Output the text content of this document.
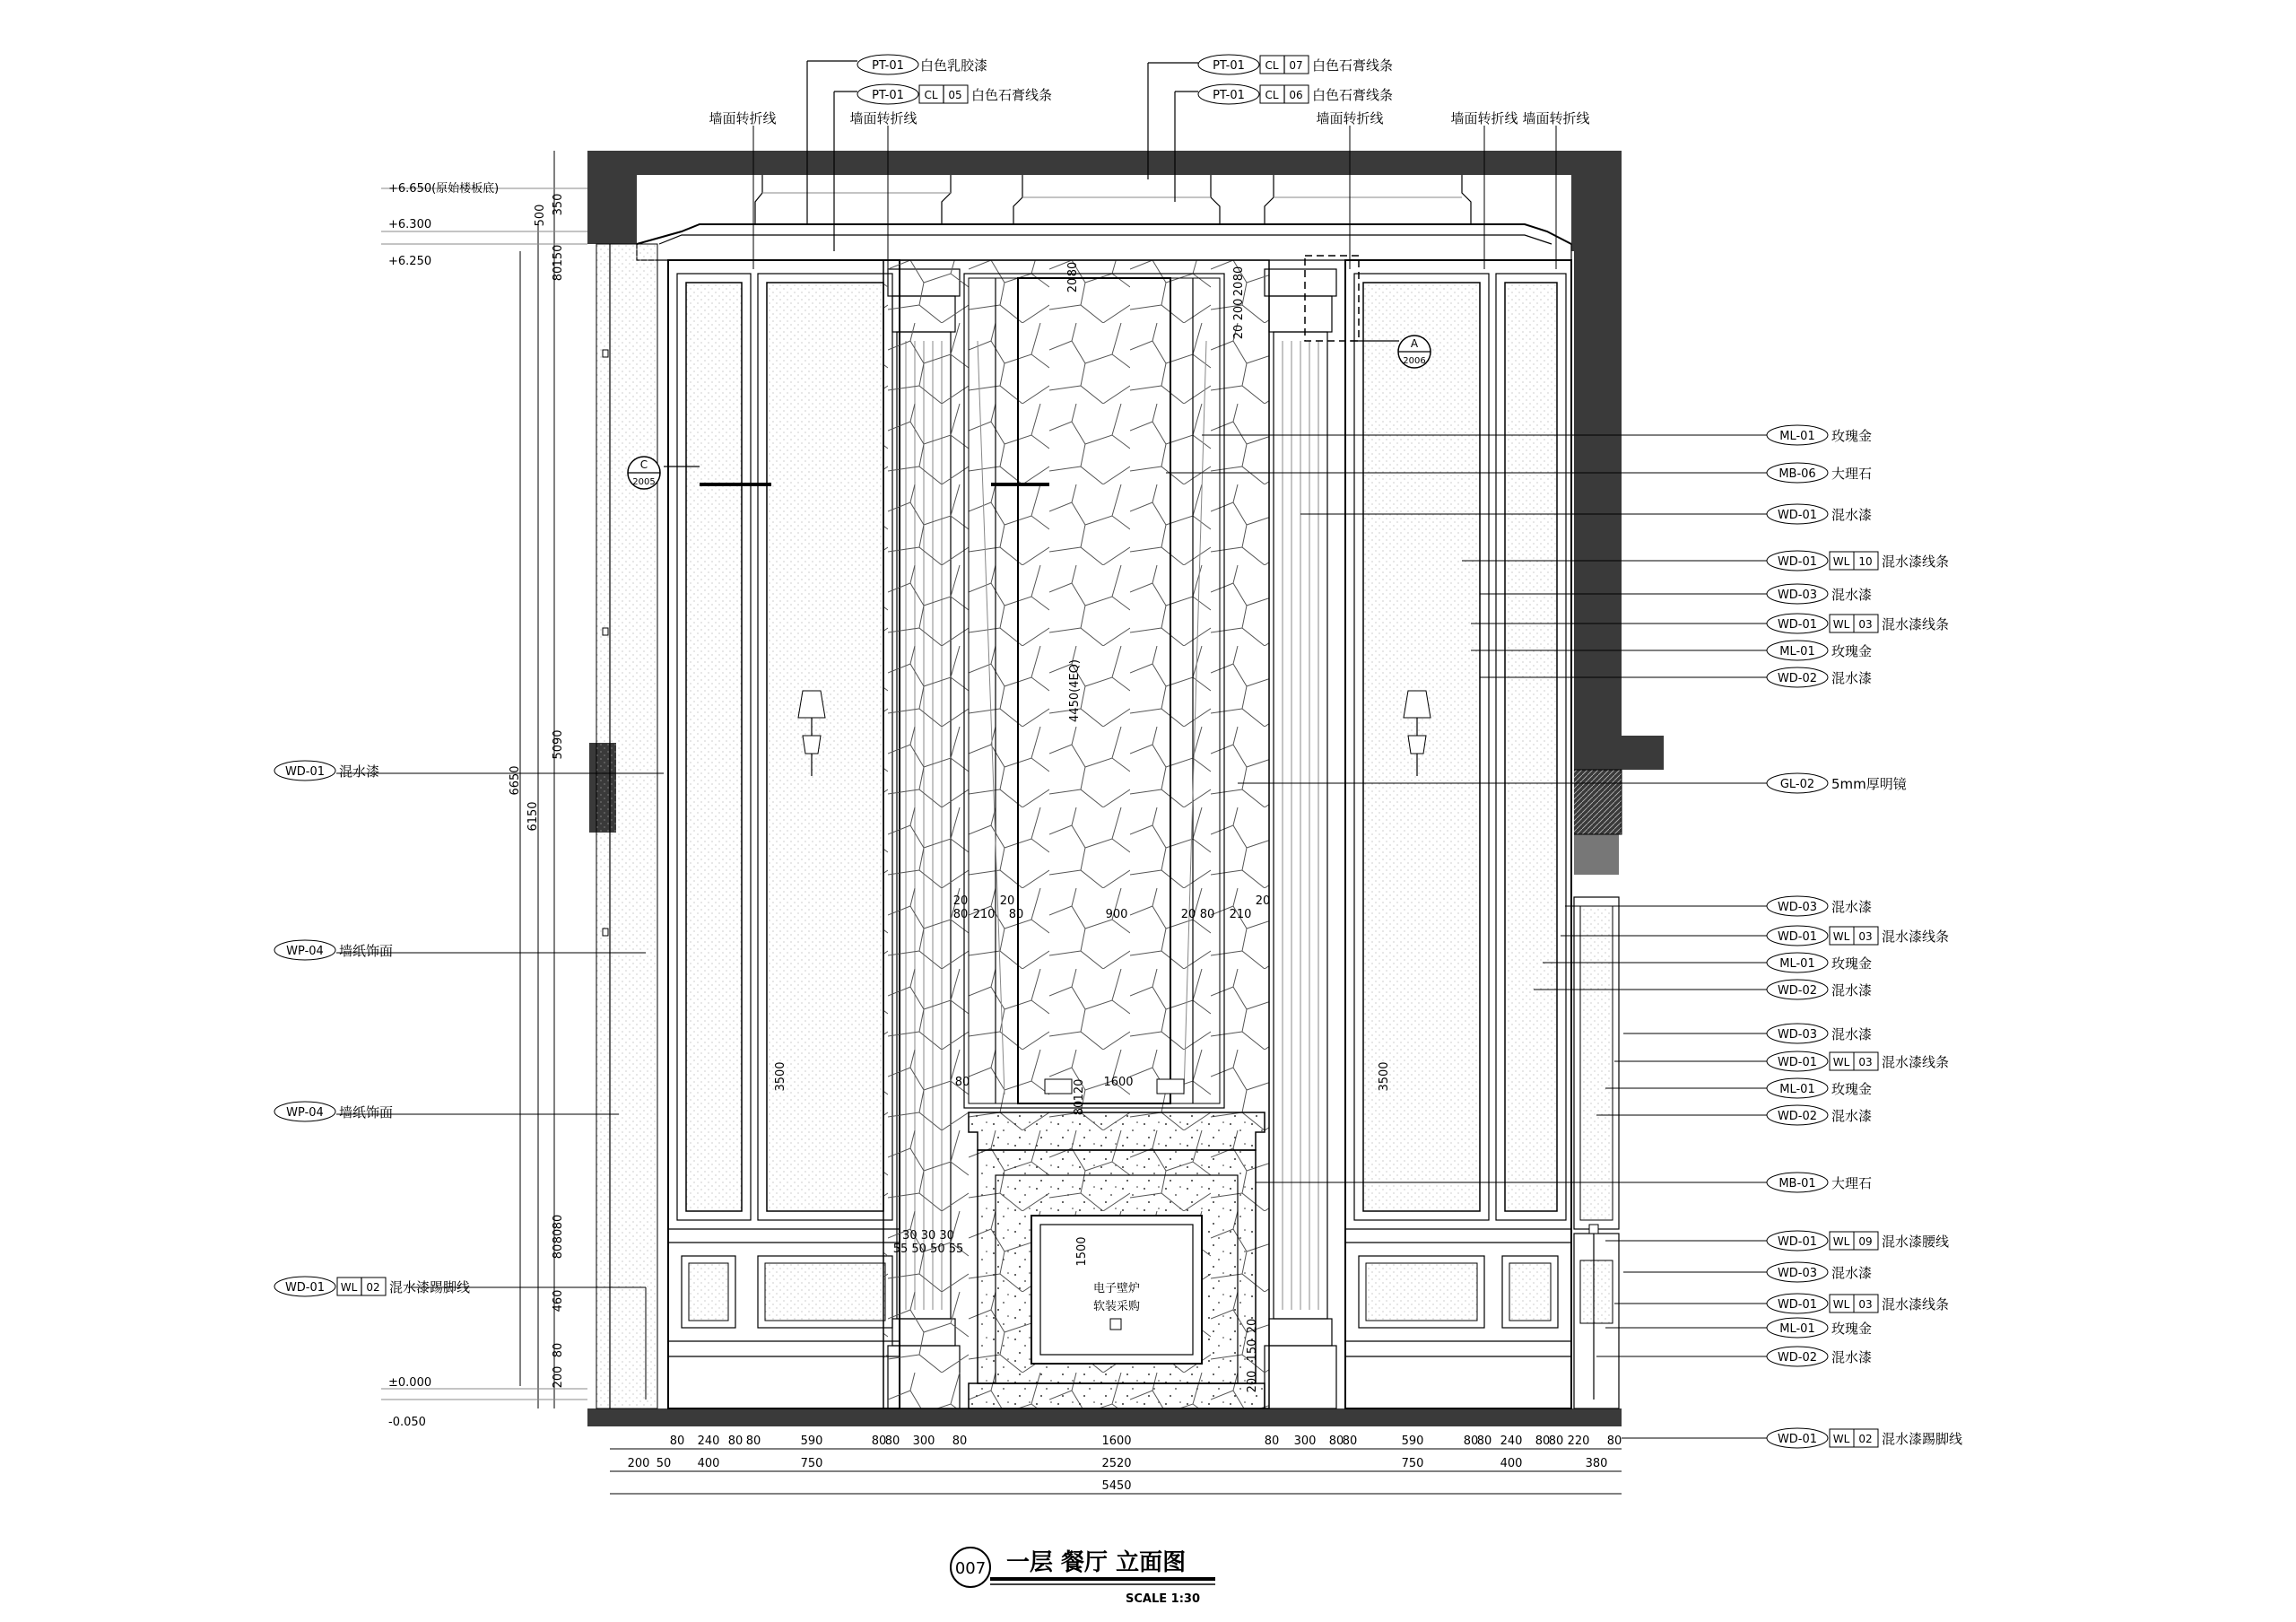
C
2005
A
2006
PT-01 白色乳胶漆
PT-01 CL 05 白色石膏线条
PT-01 CL 07 白色石膏线条
PT-01 CL 06 白色石膏线条
墙面转折线	墙面转折线	墙面转折线	墙面转折线 墙面转折线
+6.650(原始楼板底)
+6.300
+6.250
±0.000
-0.050
350
500
150
80
5090
6650
6150
80
80
80
460
80
200
WD-01 混水漆
WP-04 墙纸饰面
WP-04 墙纸饰面
WD-01 WL 02 混水漆踢脚线
ML-01 玫瑰金
MB-06 大理石
WD-01 混水漆
WD-01 WL 10 混水漆线条
WD-03 混水漆
WD-01 WL 03 混水漆线条
ML-01 玫瑰金
WD-02 混水漆
GL-02 5mm厚明镜
WD-03 混水漆
WD-01 WL 03 混水漆线条
ML-01 玫瑰金
WD-02 混水漆
WD-03 混水漆
WD-01 WL 03 混水漆线条
ML-01 玫瑰金
WD-02 混水漆
MB-01 大理石
WD-01 WL 09 混水漆腰线
WD-03 混水漆
WD-01 WL 03 混水漆线条
ML-01 玫瑰金
WD-02 混水漆
WD-01 WL 02 混水漆踢脚线
80 240 80 80	590	80
80 300 80	1600	80 300 80
80	590	80
80 240 80
80 220 80
200 50 400	750	2520	750	400	380
5450
20
80	80
20
200
20
4450(4EQ)
20
80 210
20
80	900	20 80 210
20
1600
80
80
120
1500
20
150
200
30 30 30
55 50 50 55
3500	3500
电子壁炉
软装采购
007 一层 餐厅 立面图
SCALE 1:30
